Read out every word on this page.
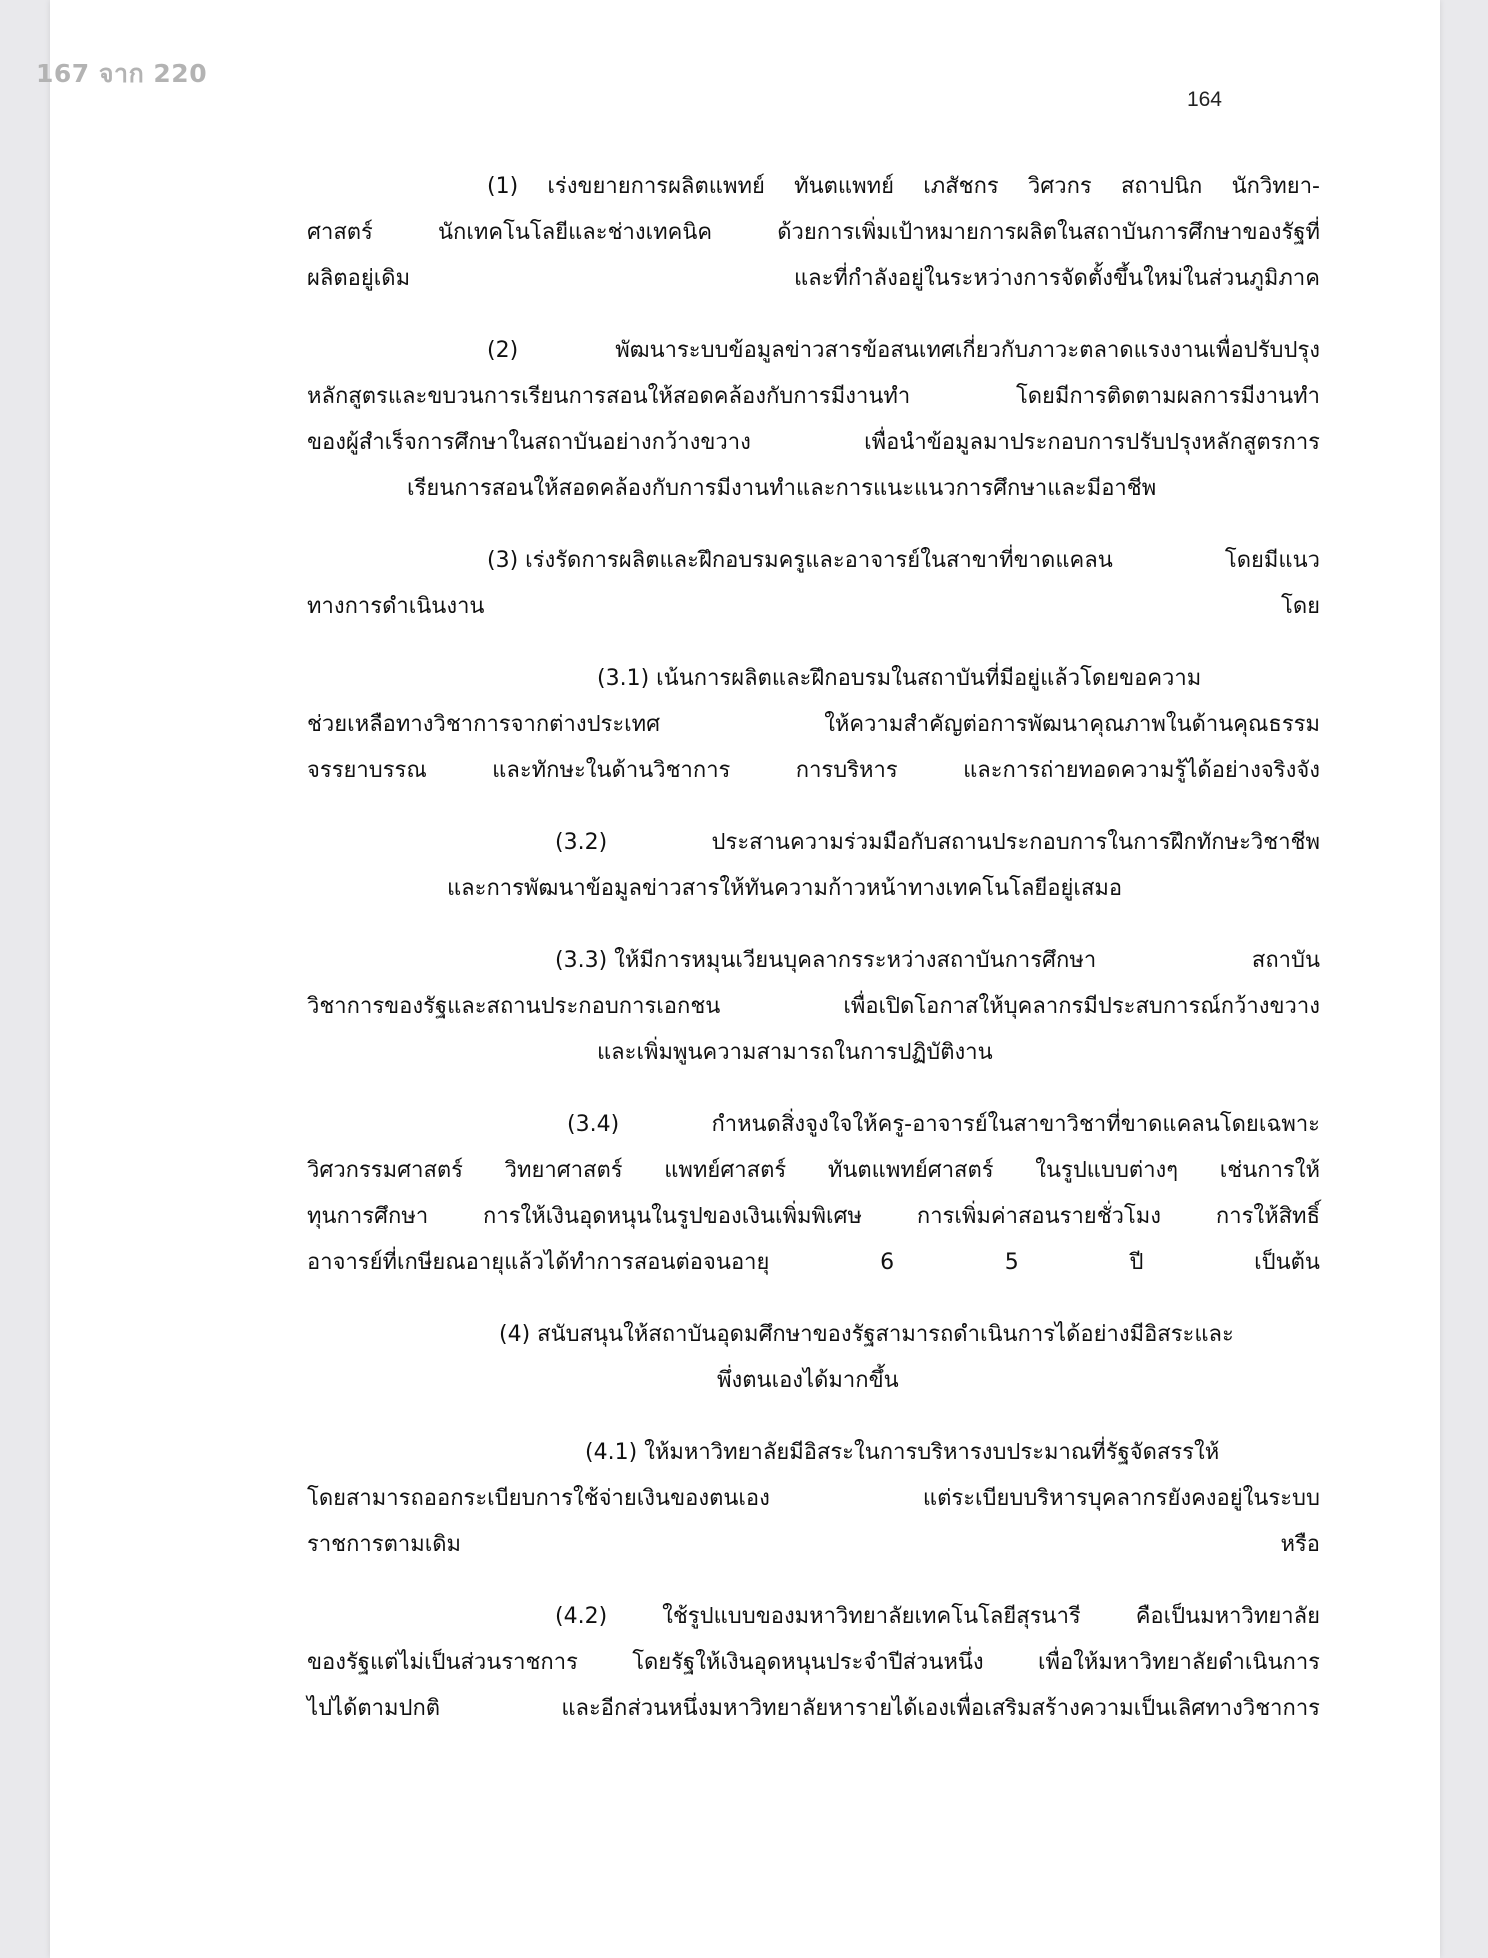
167 จาก 220
164
(1) เร่งขยายการผลิตแพทย์ ทันตแพทย์ เภสัชกร วิศวกร สถาปนิก นักวิทยา-
ศาสตร์ นักเทคโนโลยีและช่างเทคนิค ด้วยการเพิ่มเป้าหมายการผลิตในสถาบันการศึกษาของรัฐที่
ผลิตอยู่เดิม	และที่กำลังอยู่ในระหว่างการจัดตั้งขึ้นใหม่ในส่วนภูมิภาค
(2) พัฒนาระบบข้อมูลข่าวสารข้อสนเทศเกี่ยวกับภาวะตลาดแรงงานเพื่อปรับปรุง
หลักสูตรและขบวนการเรียนการสอนให้สอดคล้องกับการมีงานทำ โดยมีการติดตามผลการมีงานทำ
ของผู้สำเร็จการศึกษาในสถาบันอย่างกว้างขวาง เพื่อนำข้อมูลมาประกอบการปรับปรุงหลักสูตรการ
เรียนการสอนให้สอดคล้องกับการมีงานทำและการแนะแนวการศึกษาและมีอาชีพ
(3) เร่งรัดการผลิตและฝึกอบรมครูและอาจารย์ในสาขาที่ขาดแคลน	โดยมีแนว
ทางการดำเนินงาน	โดย
(3.1) เน้นการผลิตและฝึกอบรมในสถาบันที่มีอยู่แล้วโดยขอความ
ช่วยเหลือทางวิชาการจากต่างประเทศ	ให้ความสำคัญต่อการพัฒนาคุณภาพในด้านคุณธรรม
จรรยาบรรณ และทักษะในด้านวิชาการ การบริหาร และการถ่ายทอดความรู้ได้อย่างจริงจัง
(3.2) ประสานความร่วมมือกับสถานประกอบการในการฝึกทักษะวิชาชีพ
และการพัฒนาข้อมูลข่าวสารให้ทันความก้าวหน้าทางเทคโนโลยีอยู่เสมอ
(3.3) ให้มีการหมุนเวียนบุคลากรระหว่างสถาบันการศึกษา	สถาบัน
วิชาการของรัฐและสถานประกอบการเอกชน เพื่อเปิดโอกาสให้บุคลากรมีประสบการณ์กว้างขวาง
และเพิ่มพูนความสามารถในการปฏิบัติงาน
(3.4) กำหนดสิ่งจูงใจให้ครู-อาจารย์ในสาขาวิชาที่ขาดแคลนโดยเฉพาะ
วิศวกรรมศาสตร์ วิทยาศาสตร์ แพทย์ศาสตร์ ทันตแพทย์ศาสตร์ ในรูปแบบต่างๆ เช่นการให้
ทุนการศึกษา การให้เงินอุดหนุนในรูปของเงินเพิ่มพิเศษ การเพิ่มค่าสอนรายชั่วโมง การให้สิทธิ์
อาจารย์ที่เกษียณอายุแล้วได้ทำการสอนต่อจนอายุ	6	5	ปี	เป็นต้น
(4) สนับสนุนให้สถาบันอุดมศึกษาของรัฐสามารถดำเนินการได้อย่างมีอิสระและ
พึ่งตนเองได้มากขึ้น
(4.1) ให้มหาวิทยาลัยมีอิสระในการบริหารงบประมาณที่รัฐจัดสรรให้
โดยสามารถออกระเบียบการใช้จ่ายเงินของตนเอง	แต่ระเบียบบริหารบุคลากรยังคงอยู่ในระบบ
ราชการตามเดิม	หรือ
(4.2) ใช้รูปแบบของมหาวิทยาลัยเทคโนโลยีสุรนารี คือเป็นมหาวิทยาลัย
ของรัฐแต่ไม่เป็นส่วนราชการ โดยรัฐให้เงินอุดหนุนประจำปีส่วนหนึ่ง เพื่อให้มหาวิทยาลัยดำเนินการ
ไปได้ตามปกติ และอีกส่วนหนึ่งมหาวิทยาลัยหารายได้เองเพื่อเสริมสร้างความเป็นเลิศทางวิชาการ
